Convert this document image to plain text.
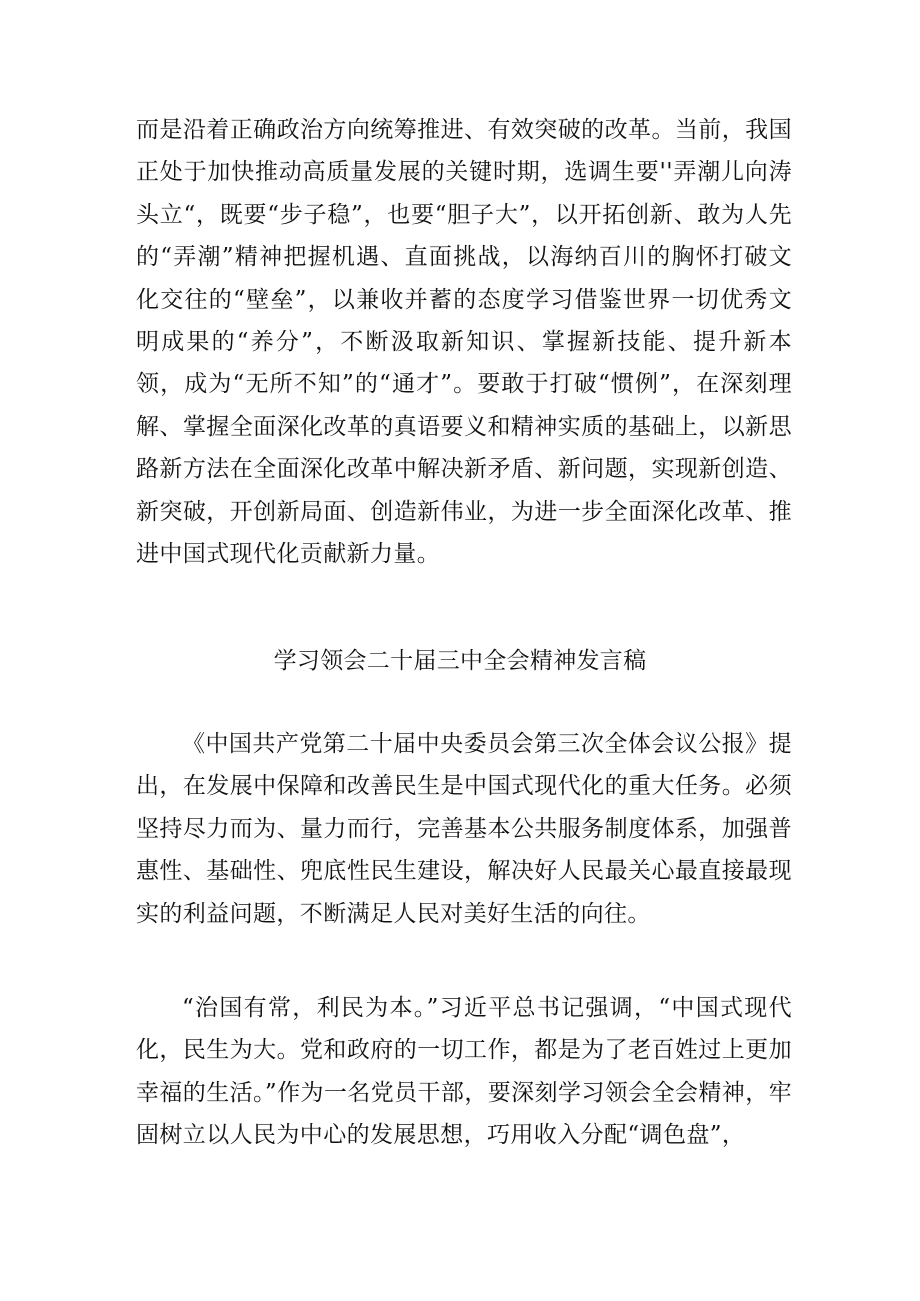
而是沿着正确政治方向统筹推进、有效突破的改革。当前，我国正处于加快推动高质量发展的关键时期，选调生要''弄潮儿向涛头立“，既要“步子稳”，也要“胆子大”，以开拓创新、敢为人先的“弄潮”精神把握机遇、直面挑战，以海纳百川的胸怀打破文化交往的“壁垒”，以兼收并蓄的态度学习借鉴世界一切优秀文明成果的“养分”，不断汲取新知识、掌握新技能、提升新本领，成为“无所不知”的“通才”。要敢于打破“惯例”，在深刻理解、掌握全面深化改革的真语要义和精神实质的基础上，以新思路新方法在全面深化改革中解决新矛盾、新问题，实现新创造、新突破，开创新局面、创造新伟业，为进一步全面深化改革、推进中国式现代化贡献新力量。

学习领会二十届三中全会精神发言稿

《中国共产党第二十届中央委员会第三次全体会议公报》提出，在发展中保障和改善民生是中国式现代化的重大任务。必须坚持尽力而为、量力而行，完善基本公共服务制度体系，加强普惠性、基础性、兜底性民生建设，解决好人民最关心最直接最现实的利益问题，不断满足人民对美好生活的向往。

“治国有常，利民为本。”习近平总书记强调，“中国式现代化，民生为大。党和政府的一切工作，都是为了老百姓过上更加幸福的生活。”作为一名党员干部，要深刻学习领会全会精神，牢固树立以人民为中心的发展思想，巧用收入分配“调色盘”，
